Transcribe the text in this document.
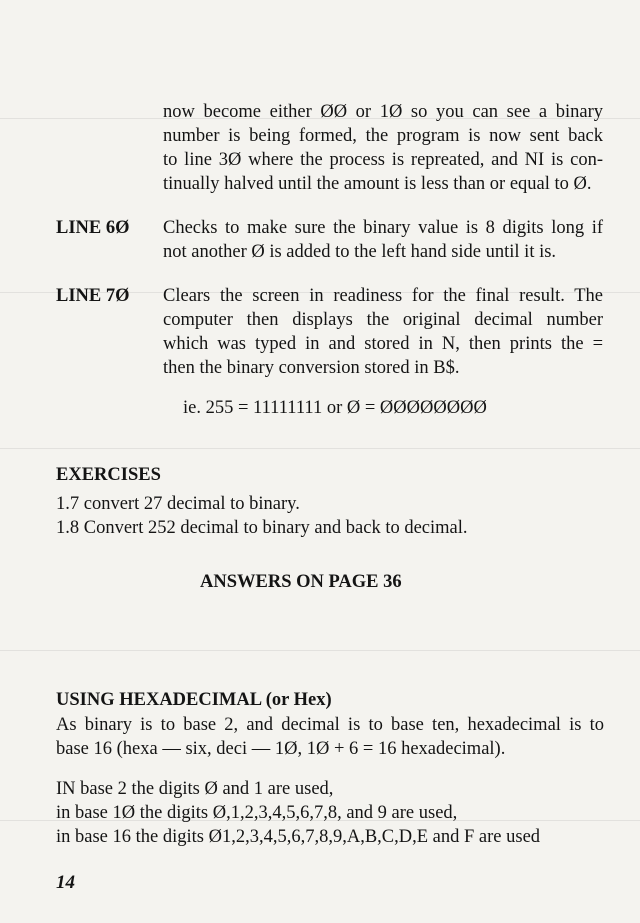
now become either ØØ or 1Ø so you can see a binary
number is being formed, the program is now sent back
to line 3Ø where the process is repreated, and NI is con-
tinually halved until the amount is less than or equal to Ø.
LINE 6Ø Checks to make sure the binary value is 8 digits long if
not another Ø is added to the left hand side until it is.
LINE 7Ø Clears the screen in readiness for the final result. The
computer then displays the original decimal number
which was typed in and stored in N, then prints the =
then the binary conversion stored in B$.
ie. 255 = 11111111 or Ø = ØØØØØØØØ
EXERCISES
1.7 convert 27 decimal to binary.
1.8 Convert 252 decimal to binary and back to decimal.
ANSWERS ON PAGE 36
USING HEXADECIMAL (or Hex)
As binary is to base 2, and decimal is to base ten, hexadecimal is to
base 16 (hexa — six, deci — 1Ø, 1Ø + 6 = 16 hexadecimal).
IN base 2 the digits Ø and 1 are used,
in base 1Ø the digits Ø,1,2,3,4,5,6,7,8, and 9 are used,
in base 16 the digits Ø1,2,3,4,5,6,7,8,9,A,B,C,D,E and F are used
14
